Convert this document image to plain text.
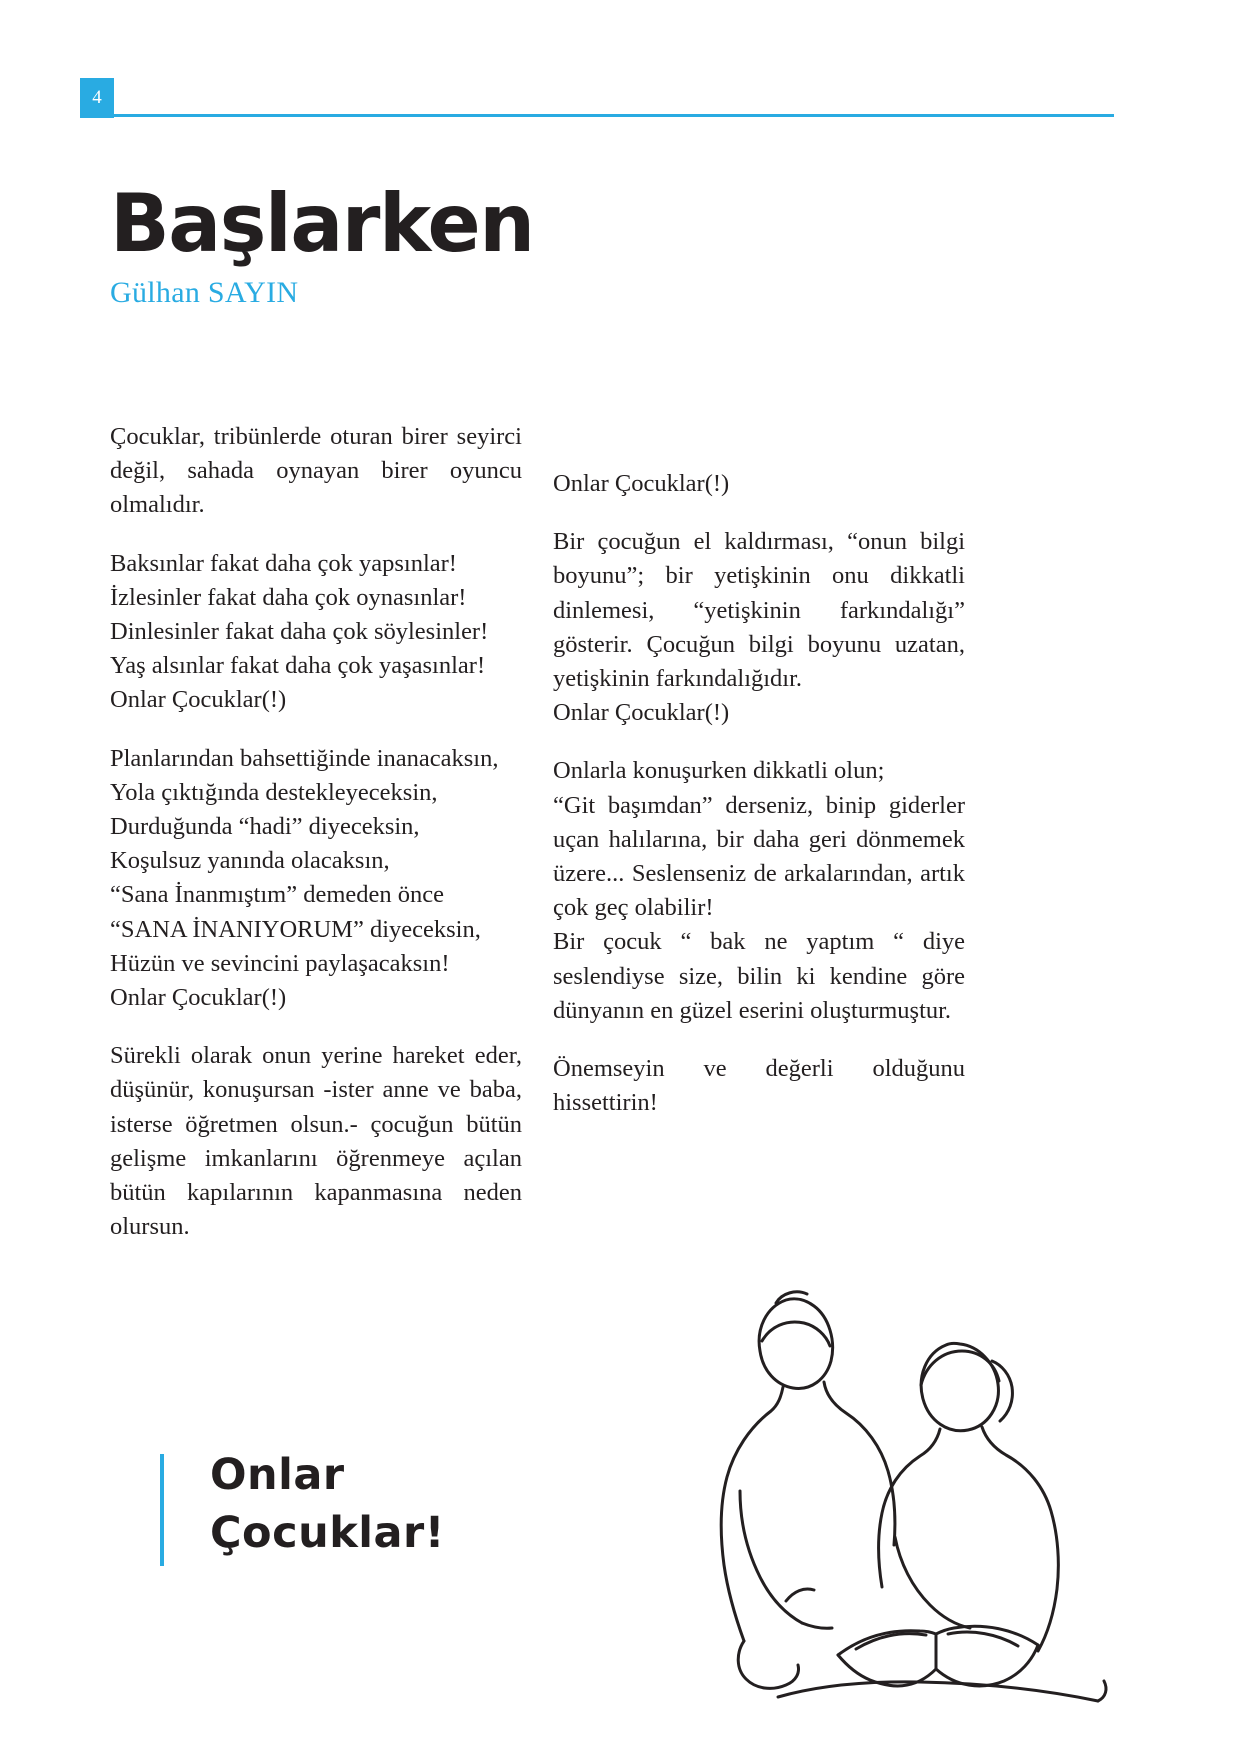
4
Başlarken
Gülhan SAYIN

Çocuklar, tribünlerde oturan birer seyirci değil, sahada oynayan birer oyuncu olmalıdır.

Baksınlar fakat daha çok yapsınlar!
İzlesinler fakat daha çok oynasınlar!
Dinlesinler fakat daha çok söylesinler!
Yaş alsınlar fakat daha çok yaşasınlar!
Onlar Çocuklar(!)

Planlarından bahsettiğinde inanacaksın,

Yola çıktığında destekleyeceksin,
Durduğunda “hadi” diyeceksin,
Koşulsuz yanında olacaksın,

“Sana İnanmıştım” demeden önce

“SANA İNANIYORUM” diyeceksin,
Hüzün ve sevincini paylaşacaksın!
Onlar Çocuklar(!)

Sürekli olarak onun yerine hareket eder, düşünür, konuşursan -ister anne ve baba, isterse öğretmen olsun.- çocuğun bütün gelişme imkanlarını öğrenmeye açılan bütün kapılarının kapanmasına neden olursun.

Onlar Çocuklar(!)

Bir çocuğun el kaldırması, “onun bilgi boyunu”; bir yetişkinin onu dikkatli dinlemesi, “yetişkinin farkındalığı” gösterir. Çocuğun bilgi boyunu uzatan, yetişkinin farkındalığıdır.

Onlar Çocuklar(!)

Onlarla konuşurken dikkatli olun;
“Git başımdan” derseniz, binip giderler uçan halılarına, bir daha geri dönmemek üzere... Seslenseniz de arkalarından, artık çok geç olabilir!

Bir çocuk “ bak ne yaptım “ diye seslendiyse size, bilin ki kendine göre dünyanın en güzel eserini oluşturmuştur.

Önemseyin ve değerli olduğunu hissettirin!

Onlar
Çocuklar!
